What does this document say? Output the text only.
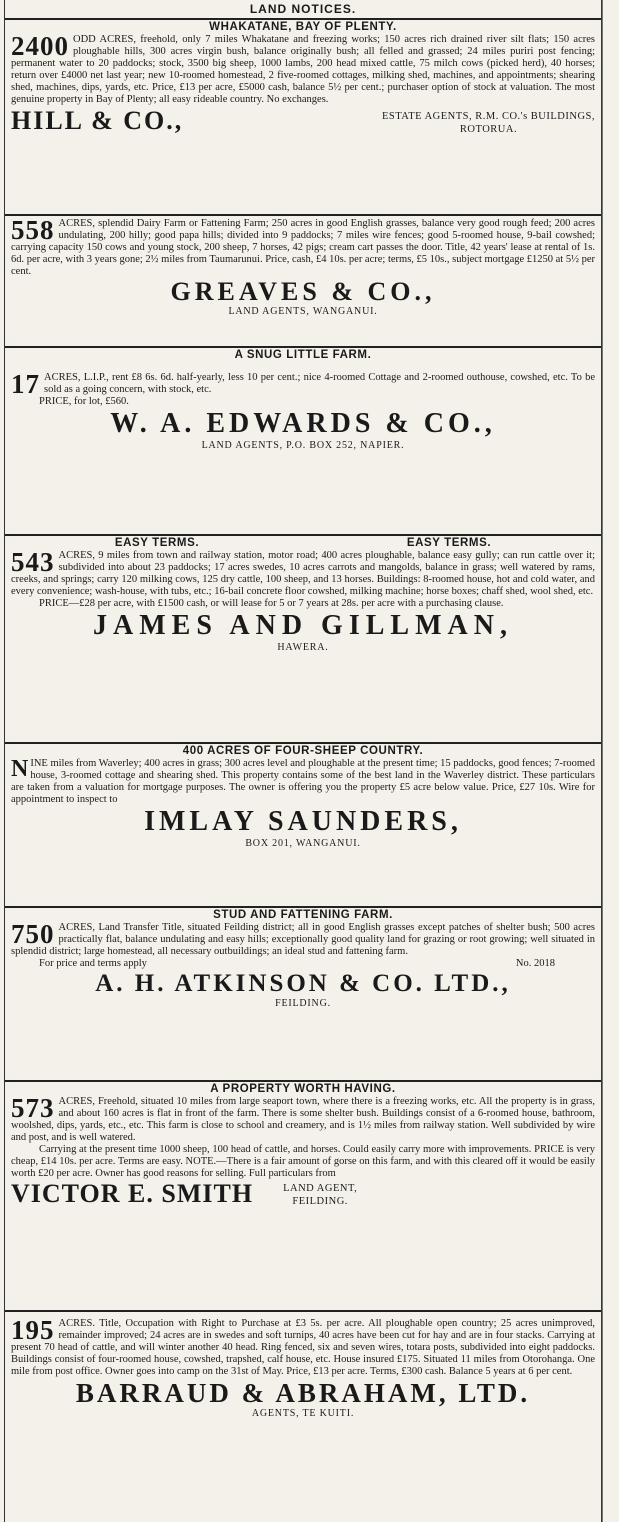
LAND NOTICES.
WHAKATANE, BAY OF PLENTY.

2400 ODD ACRES, freehold, only 7 miles Whakatane and freezing works; 150 acres rich drained river silt flats; 150 acres ploughable hills, 300 acres virgin bush, balance originally bush; all felled and grassed; 24 miles puriri post fencing; permanent water to 20 paddocks; stock, 3500 big sheep, 1000 lambs, 200 head mixed cattle, 75 milch cows (picked herd), 40 horses; return over £4000 net last year; new 10-roomed homestead, 2 five-roomed cottages, milking shed, machines, and appointments; shearing shed, machines, dips, yards, etc. Price, £13 per acre, £5000 cash, balance 5½ per cent.; purchaser option of stock at valuation. The most genuine property in Bay of Plenty; all easy rideable country. No exchanges.

HILL & CO.,	ESTATE AGENTS, R.M. CO.'s BUILDINGS,
ROTORUA.

558 ACRES, splendid Dairy Farm or Fattening Farm; 250 acres in good English grasses, balance very good rough feed; 200 acres undulating, 200 hilly; good papa hills; divided into 9 paddocks; 7 miles wire fences; good 5-roomed house, 9-bail cowshed; carrying capacity 150 cows and young stock, 200 sheep, 7 horses, 42 pigs; cream cart passes the door. Title, 42 years' lease at rental of 1s. 6d. per acre, with 3 years gone; 2½ miles from Taumarunui. Price, cash, £4 10s. per acre; terms, £5 10s., subject mortgage £1250 at 5½ per cent.

GREAVES & CO.,
LAND AGENTS, WANGANUI.
A SNUG LITTLE FARM.

17 ACRES, L.I.P., rent £8 6s. 6d. half-yearly, less 10 per cent.; nice 4-roomed Cottage and 2-roomed outhouse, cowshed, etc. To be sold as a going concern, with stock, etc.

PRICE, for lot, £560.

W. A. EDWARDS & CO.,
LAND AGENTS, P.O. BOX 252, NAPIER.
EASY TERMS.	EASY TERMS.

543 ACRES, 9 miles from town and railway station, motor road; 400 acres ploughable, balance easy gully; can run cattle over it; subdivided into about 23 paddocks; 17 acres swedes, 10 acres carrots and mangolds, balance in grass; well watered by rams, creeks, and springs; carry 120 milking cows, 125 dry cattle, 100 sheep, and 13 horses. Buildings: 8-roomed house, hot and cold water, and every convenience; wash-house, with tubs, etc.; 16-bail concrete floor cowshed, milking machine; horse boxes; chaff shed, wool shed, etc.

PRICE—£28 per acre, with £1500 cash, or will lease for 5 or 7 years at 28s. per acre with a purchasing clause.

JAMES AND GILLMAN,
HAWERA.
400 ACRES OF FOUR-SHEEP COUNTRY.

NINE miles from Waverley; 400 acres in grass; 300 acres level and ploughable at the present time; 15 paddocks, good fences; 7-roomed house, 3-roomed cottage and shearing shed. This property contains some of the best land in the Waverley district. These particulars are taken from a valuation for mortgage purposes. The owner is offering you the property £5 acre below value. Price, £27 10s. Wire for appointment to inspect to

IMLAY SAUNDERS,
BOX 201, WANGANUI.
STUD AND FATTENING FARM.

750 ACRES, Land Transfer Title, situated Feilding district; all in good English grasses except patches of shelter bush; 500 acres practically flat, balance undulating and easy hills; exceptionally good quality land for grazing or root growing; well situated in splendid district; large homestead, all necessary outbuildings; an ideal stud and fattening farm.

For price and terms apply	No. 2018
A. H. ATKINSON & CO. LTD.,
FEILDING.
A PROPERTY WORTH HAVING.

573 ACRES, Freehold, situated 10 miles from large seaport town, where there is a freezing works, etc. All the property is in grass, and about 160 acres is flat in front of the farm. There is some shelter bush. Buildings consist of a 6-roomed house, bathroom, woolshed, dips, yards, etc., etc. This farm is close to school and creamery, and is 1½ miles from railway station. Well subdivided by wire and post, and is well watered.

Carrying at the present time 1000 sheep, 100 head of cattle, and horses. Could easily carry more with improvements. PRICE is very cheap, £14 10s. per acre. Terms are easy. NOTE.—There is a fair amount of gorse on this farm, and with this cleared off it would be easily worth £20 per acre. Owner has good reasons for selling. Full particulars from

VICTOR E. SMITH	LAND AGENT,
FEILDING.

195 ACRES. Title, Occupation with Right to Purchase at £3 5s. per acre. All ploughable open country; 25 acres unimproved, remainder improved; 24 acres are in swedes and soft turnips, 40 acres have been cut for hay and are in four stacks. Carrying at present 70 head of cattle, and will winter another 40 head. Ring fenced, six and seven wires, totara posts, subdivided into eight paddocks. Buildings consist of four-roomed house, cowshed, trapshed, calf house, etc. House insured £175. Situated 11 miles from Otorohanga. One mile from post office. Owner goes into camp on the 31st of May. Price, £13 per acre. Terms, £300 cash. Balance 5 years at 6 per cent.

BARRAUD & ABRAHAM, LTD.
AGENTS, TE KUITI.
